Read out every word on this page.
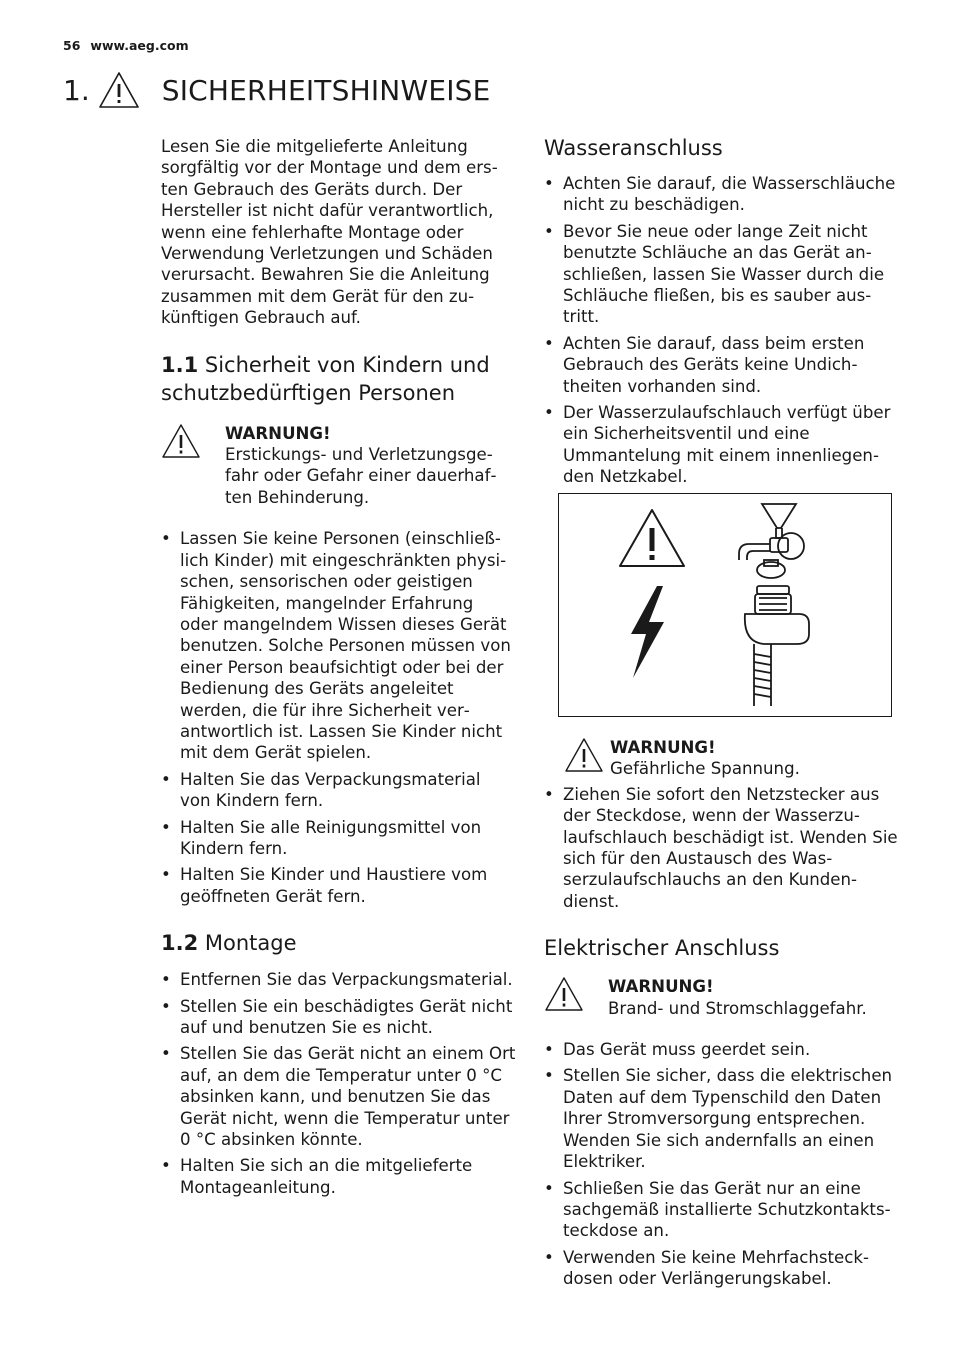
56 www.aeg.com
1.	SICHERHEITSHINWEISE

Lesen Sie die mitgelieferte Anleitung sorgfältig vor der Montage und dem ersten Gebrauch des Geräts durch. Der Hersteller ist nicht dafür verantwortlich, wenn eine fehlerhafte Montage oder Verwendung Verletzungen und Schäden verursacht. Bewahren Sie die Anleitung zusammen mit dem Gerät für den zukünftigen Gebrauch auf.

1.1 Sicherheit von Kindern und schutzbedürftigen Personen
WARNUNG!
Erstickungs- und Verletzungsgefahr oder Gefahr einer dauerhaften Behinderung.
• Lassen Sie keine Personen (einschließlich Kinder) mit eingeschränkten physischen, sensorischen oder geistigen Fähigkeiten, mangelnder Erfahrung oder mangelndem Wissen dieses Gerät benutzen. Solche Personen müssen von einer Person beaufsichtigt oder bei der Bedienung des Geräts angeleitet werden, die für ihre Sicherheit verantwortlich ist. Lassen Sie Kinder nicht mit dem Gerät spielen.
• Halten Sie das Verpackungsmaterial von Kindern fern.
• Halten Sie alle Reinigungsmittel von Kindern fern.
• Halten Sie Kinder und Haustiere vom geöffneten Gerät fern.
1.2 Montage
• Entfernen Sie das Verpackungsmaterial.
• Stellen Sie ein beschädigtes Gerät nicht auf und benutzen Sie es nicht.
• Stellen Sie das Gerät nicht an einem Ort auf, an dem die Temperatur unter 0 °C absinken kann, und benutzen Sie das Gerät nicht, wenn die Temperatur unter 0 °C absinken könnte.
• Halten Sie sich an die mitgelieferte Montageanleitung.
Wasseranschluss
• Achten Sie darauf, die Wasserschläuche nicht zu beschädigen.
• Bevor Sie neue oder lange Zeit nicht benutzte Schläuche an das Gerät anschließen, lassen Sie Wasser durch die Schläuche fließen, bis es sauber austritt.
• Achten Sie darauf, dass beim ersten Gebrauch des Geräts keine Undichtheiten vorhanden sind.
• Der Wasserzulaufschlauch verfügt über ein Sicherheitsventil und eine Ummantelung mit einem innenliegenden Netzkabel.
WARNUNG!
Gefährliche Spannung.
• Ziehen Sie sofort den Netzstecker aus der Steckdose, wenn der Wasserzulaufschlauch beschädigt ist. Wenden Sie sich für den Austausch des Wasserzulaufschlauchs an den Kundendienst.
Elektrischer Anschluss
WARNUNG!
Brand- und Stromschlaggefahr.
• Das Gerät muss geerdet sein.
• Stellen Sie sicher, dass die elektrischen Daten auf dem Typenschild den Daten Ihrer Stromversorgung entsprechen. Wenden Sie sich andernfalls an einen Elektriker.
• Schließen Sie das Gerät nur an eine sachgemäß installierte Schutzkontaktsteckdose an.
• Verwenden Sie keine Mehrfachsteckdosen oder Verlängerungskabel.
